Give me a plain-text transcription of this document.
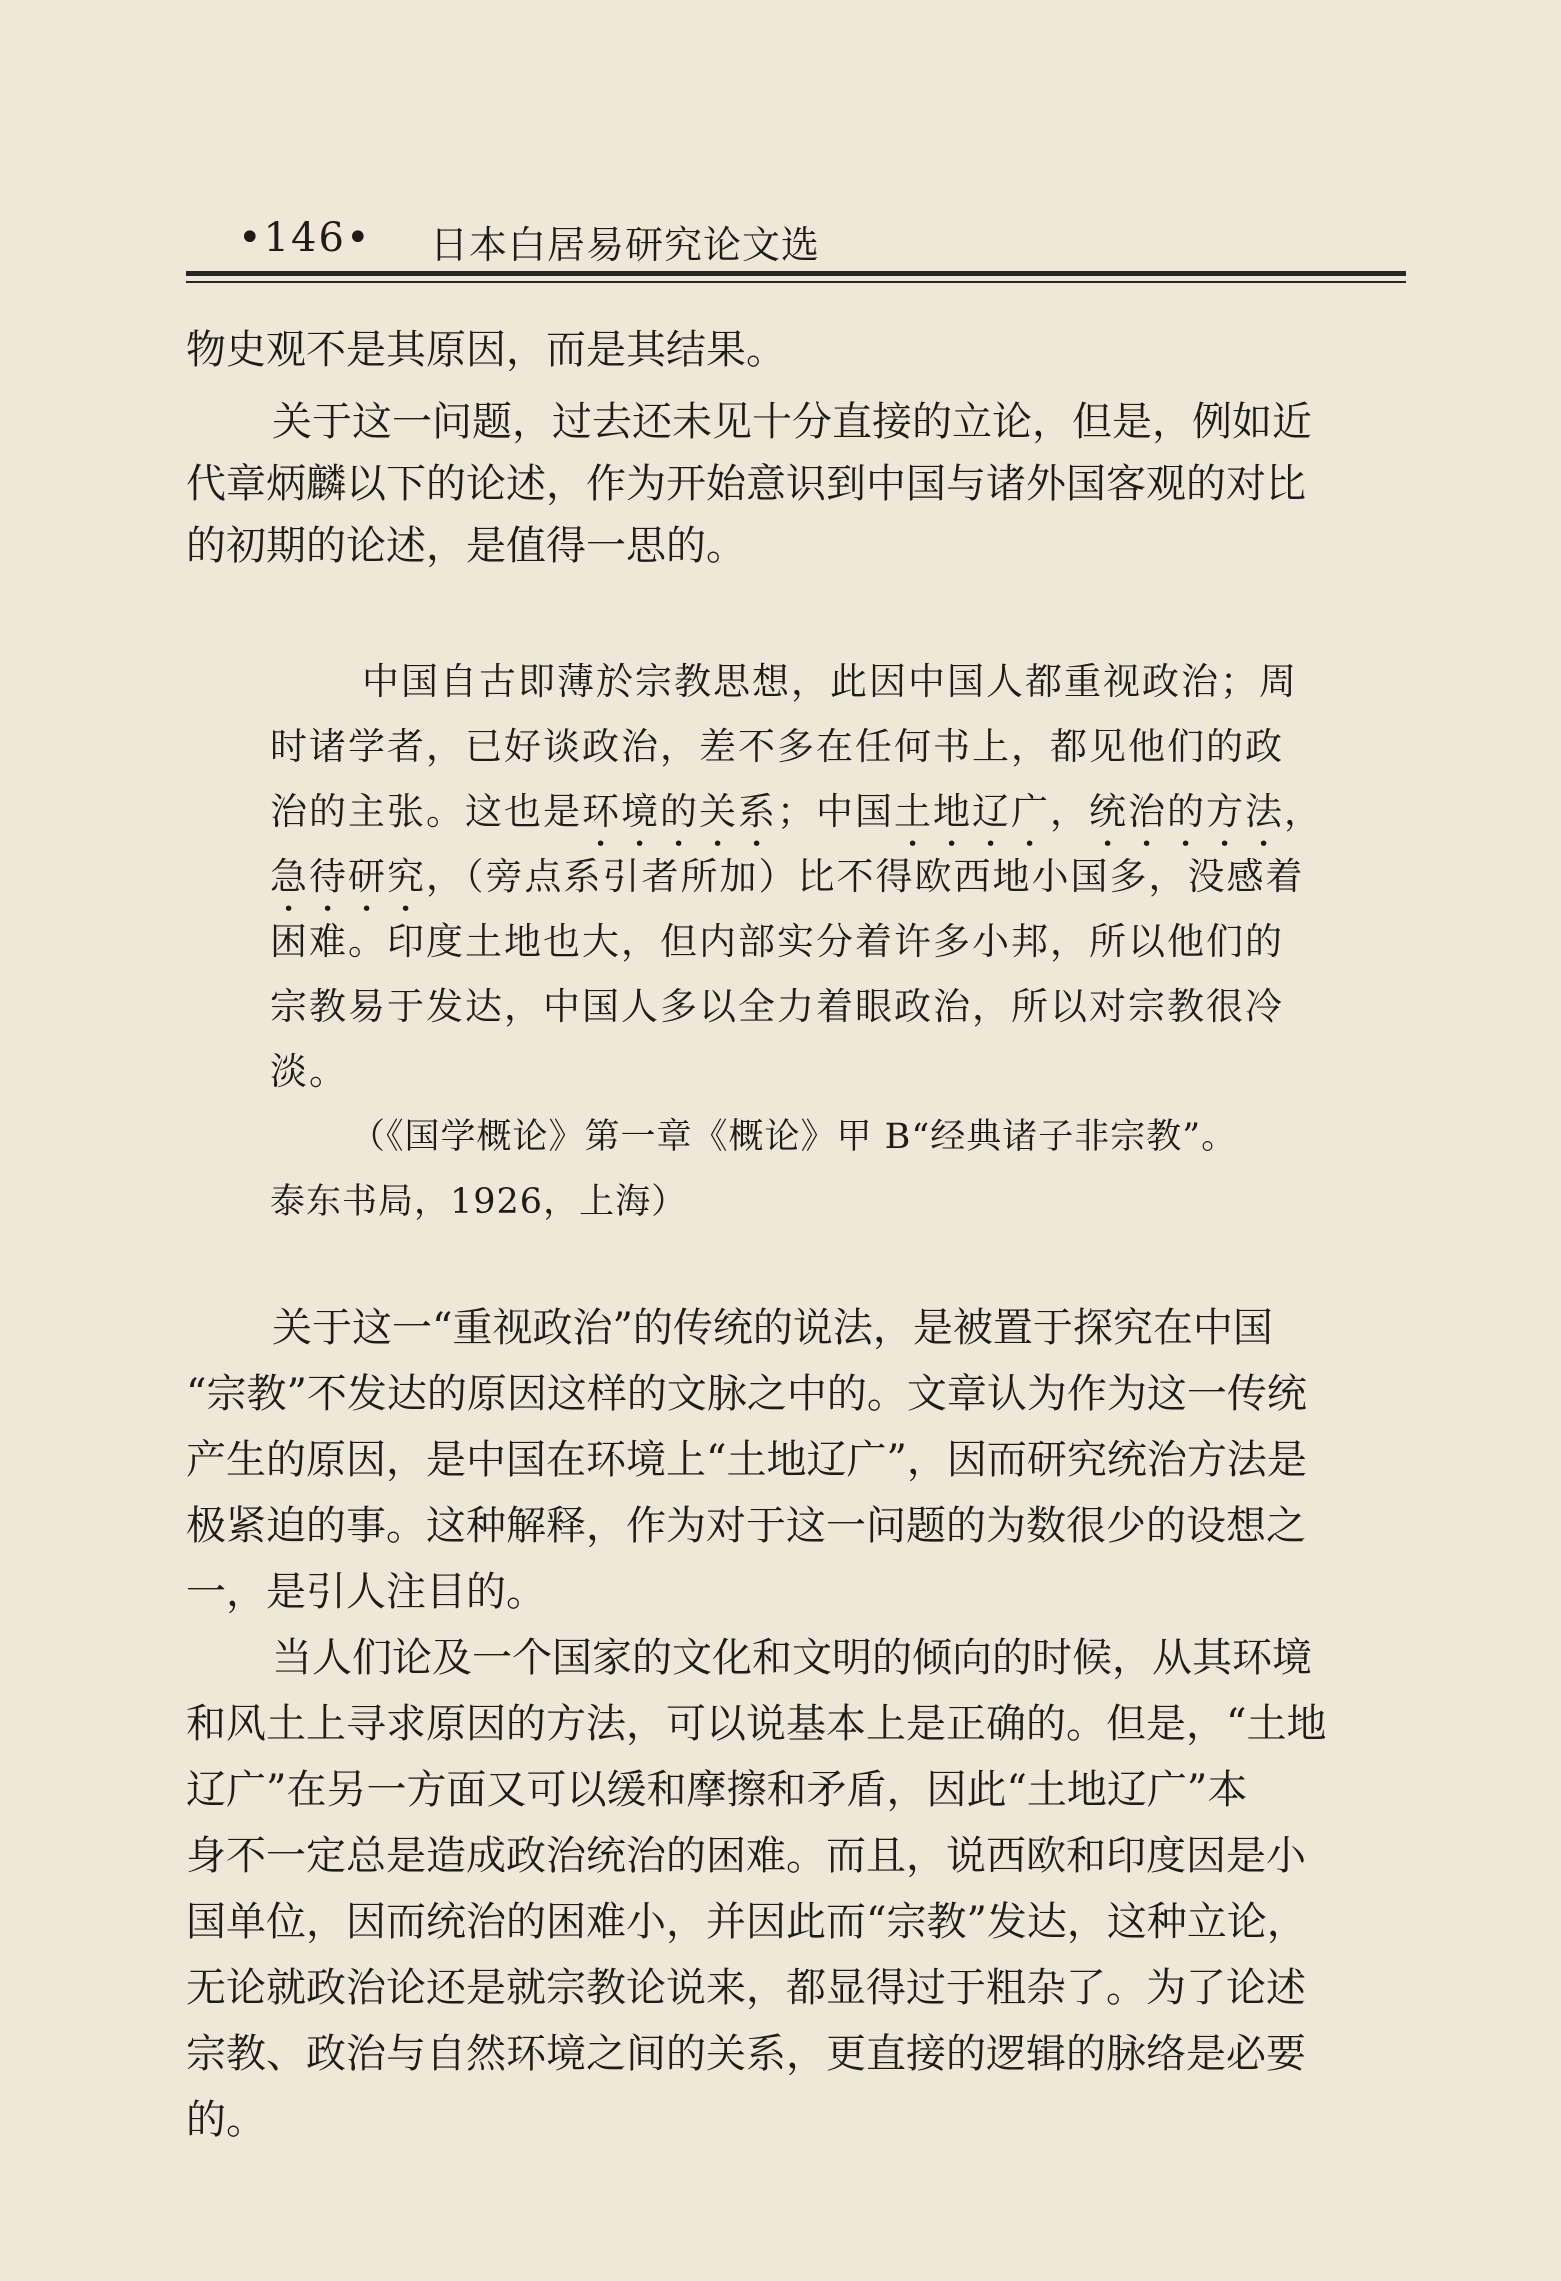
•146• 日本白居易研究论文选
物史观不是其原因，而是其结果。
关于这一问题，过去还未见十分直接的立论，但是，例如近
代章炳麟以下的论述，作为开始意识到中国与诸外国客观的对比
的初期的论述，是值得一思的。
中国自古即薄於宗教思想，此因中国人都重视政治；周
时诸学者，已好谈政治，差不多在任何书上，都见他们的政
治的主张。这也是环境的关系；中国土地辽广，统治的方法，
急待研究，（旁点系引者所加）比不得欧西地小国多，没感着
困难。印度土地也大，但内部实分着许多小邦，所以他们的
宗教易于发达，中国人多以全力着眼政治，所以对宗教很冷
淡。
（《国学概论》第一章《概论》甲 B“经典诸子非宗教”。
泰东书局，1926，上海）
关于这一“重视政治”的传统的说法，是被置于探究在中国
“宗教”不发达的原因这样的文脉之中的。文章认为作为这一传统
产生的原因，是中国在环境上“土地辽广”，因而研究统治方法是
极紧迫的事。这种解释，作为对于这一问题的为数很少的设想之
一，是引人注目的。
当人们论及一个国家的文化和文明的倾向的时候，从其环境
和风土上寻求原因的方法，可以说基本上是正确的。但是，“土地
辽广”在另一方面又可以缓和摩擦和矛盾，因此“土地辽广”本
身不一定总是造成政治统治的困难。而且，说西欧和印度因是小
国单位，因而统治的困难小，并因此而“宗教”发达，这种立论，
无论就政治论还是就宗教论说来，都显得过于粗杂了。为了论述
宗教、政治与自然环境之间的关系，更直接的逻辑的脉络是必要
的。
